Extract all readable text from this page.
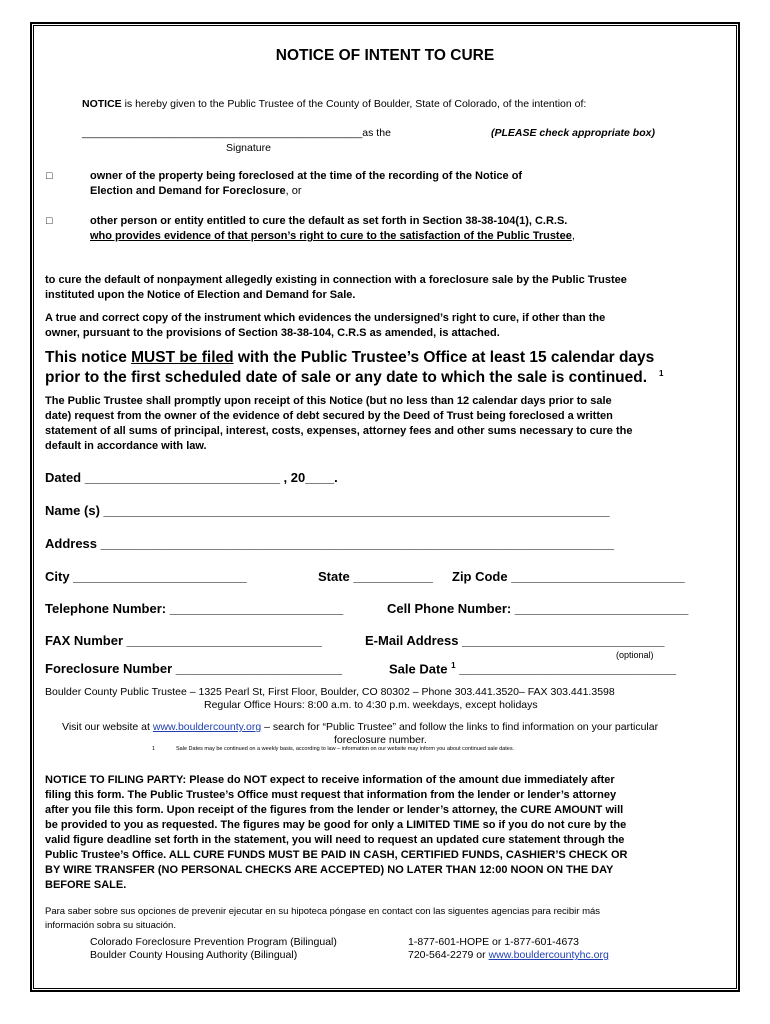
NOTICE OF INTENT TO CURE
NOTICE is hereby given to the Public Trustee of the County of Boulder, State of Colorado, of the intention of:
________________________________________________as the	(PLEASE check appropriate box)
Signature
□	owner of the property being foreclosed at the time of the recording of the Notice of
Election and Demand for Foreclosure, or
□	other person or entity entitled to cure the default as set forth in Section 38-38-104(1), C.R.S.
who provides evidence of that person’s right to cure to the satisfaction of the Public Trustee,
to cure the default of nonpayment allegedly existing in connection with a foreclosure sale by the Public Trustee
instituted upon the Notice of Election and Demand for Sale.
A true and correct copy of the instrument which evidences the undersigned’s right to cure, if other than the
owner, pursuant to the provisions of Section 38-38-104, C.R.S as amended, is attached.
This notice MUST be filed with the Public Trustee’s Office at least 15 calendar days
prior to the first scheduled date of sale or any date to which the sale is continued. $^1$
The Public Trustee shall promptly upon receipt of this Notice (but no less than 12 calendar days prior to sale
date) request from the owner of the evidence of debt secured by the Deed of Trust being foreclosed a written
statement of all sums of principal, interest, costs, expenses, attorney fees and other sums necessary to cure the
default in accordance with law.
Dated ___________________________ , 20____.
Name (s) ______________________________________________________________________
Address _______________________________________________________________________
City ________________________	State ___________ Zip Code ________________________
Telephone Number: ________________________	Cell Phone Number: ________________________
FAX Number ___________________________	E-Mail Address ____________________________
(optional)
Foreclosure Number _______________________	Sale Date $^1$ ______________________________
Boulder County Public Trustee – 1325 Pearl St, First Floor, Boulder, CO 80302 – Phone 303.441.3520– FAX 303.441.3598
Regular Office Hours: 8:00 a.m. to 4:30 p.m. weekdays, except holidays
Visit our website at www.bouldercounty.org – search for “Public Trustee” and follow the links to find information on your particular
foreclosure number.
1	Sale Dates may be continued on a weekly basis, according to law – information on our website may inform you about continued sale dates.
NOTICE TO FILING PARTY: Please do NOT expect to receive information of the amount due immediately after
filing this form. The Public Trustee’s Office must request that information from the lender or lender’s attorney
after you file this form. Upon receipt of the figures from the lender or lender’s attorney, the CURE AMOUNT will
be provided to you as requested. The figures may be good for only a LIMITED TIME so if you do not cure by the
valid figure deadline set forth in the statement, you will need to request an updated cure statement through the
Public Trustee’s Office. ALL CURE FUNDS MUST BE PAID IN CASH, CERTIFIED FUNDS, CASHIER’S CHECK OR
BY WIRE TRANSFER (NO PERSONAL CHECKS ARE ACCEPTED) NO LATER THAN 12:00 NOON ON THE DAY
BEFORE SALE.
Para saber sobre sus opciones de prevenir ejecutar en su hipoteca póngase en contact con las siguentes agencias para recibir más
información sobra su situación.
Colorado Foreclosure Prevention Program (Bilingual)	1-877-601-HOPE or 1-877-601-4673
Boulder County Housing Authority (Bilingual)	720-564-2279 or www.bouldercountyhc.org
